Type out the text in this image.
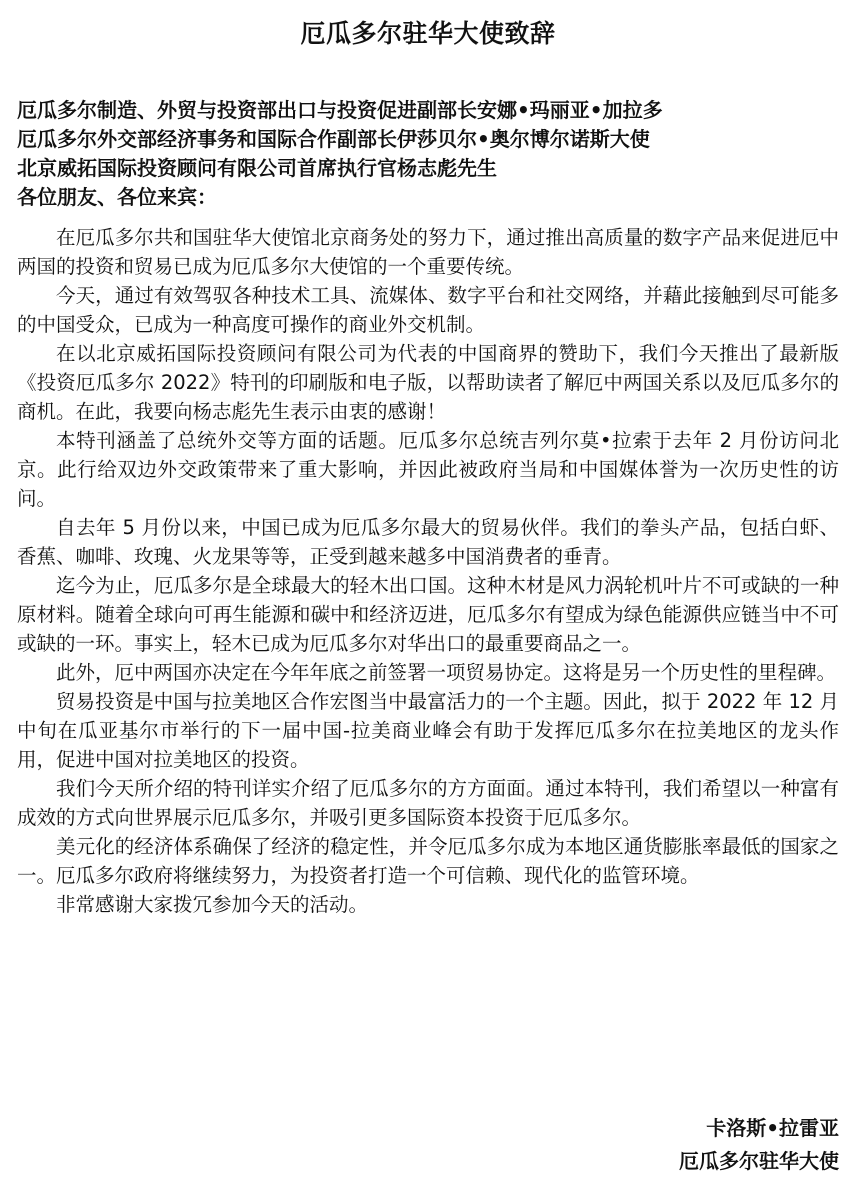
厄瓜多尔驻华大使致辞
厄瓜多尔制造、外贸与投资部出口与投资促进副部长安娜•玛丽亚•加拉多
厄瓜多尔外交部经济事务和国际合作副部长伊莎贝尔•奥尔博尔诺斯大使
北京威拓国际投资顾问有限公司首席执行官杨志彪先生
各位朋友、各位来宾：

在厄瓜多尔共和国驻华大使馆北京商务处的努力下，通过推出高质量的数字产品来促进厄中两国的投资和贸易已成为厄瓜多尔大使馆的一个重要传统。

今天，通过有效驾驭各种技术工具、流媒体、数字平台和社交网络，并藉此接触到尽可能多的中国受众，已成为一种高度可操作的商业外交机制。

在以北京威拓国际投资顾问有限公司为代表的中国商界的赞助下，我们今天推出了最新版《投资厄瓜多尔 2022》特刊的印刷版和电子版，以帮助读者了解厄中两国关系以及厄瓜多尔的商机。在此，我要向杨志彪先生表示由衷的感谢！

本特刊涵盖了总统外交等方面的话题。厄瓜多尔总统吉列尔莫•拉索于去年 2 月份访问北京。此行给双边外交政策带来了重大影响，并因此被政府当局和中国媒体誉为一次历史性的访问。

自去年 5 月份以来，中国已成为厄瓜多尔最大的贸易伙伴。我们的拳头产品，包括白虾、香蕉、咖啡、玫瑰、火龙果等等，正受到越来越多中国消费者的垂青。

迄今为止，厄瓜多尔是全球最大的轻木出口国。这种木材是风力涡轮机叶片不可或缺的一种原材料。随着全球向可再生能源和碳中和经济迈进，厄瓜多尔有望成为绿色能源供应链当中不可或缺的一环。事实上，轻木已成为厄瓜多尔对华出口的最重要商品之一。

此外，厄中两国亦决定在今年年底之前签署一项贸易协定。这将是另一个历史性的里程碑。

贸易投资是中国与拉美地区合作宏图当中最富活力的一个主题。因此，拟于 2022 年 12 月中旬在瓜亚基尔市举行的下一届中国-拉美商业峰会有助于发挥厄瓜多尔在拉美地区的龙头作用，促进中国对拉美地区的投资。

我们今天所介绍的特刊详实介绍了厄瓜多尔的方方面面。通过本特刊，我们希望以一种富有成效的方式向世界展示厄瓜多尔，并吸引更多国际资本投资于厄瓜多尔。

美元化的经济体系确保了经济的稳定性，并令厄瓜多尔成为本地区通货膨胀率最低的国家之一。厄瓜多尔政府将继续努力，为投资者打造一个可信赖、现代化的监管环境。

非常感谢大家拨冗参加今天的活动。

卡洛斯•拉雷亚
厄瓜多尔驻华大使
